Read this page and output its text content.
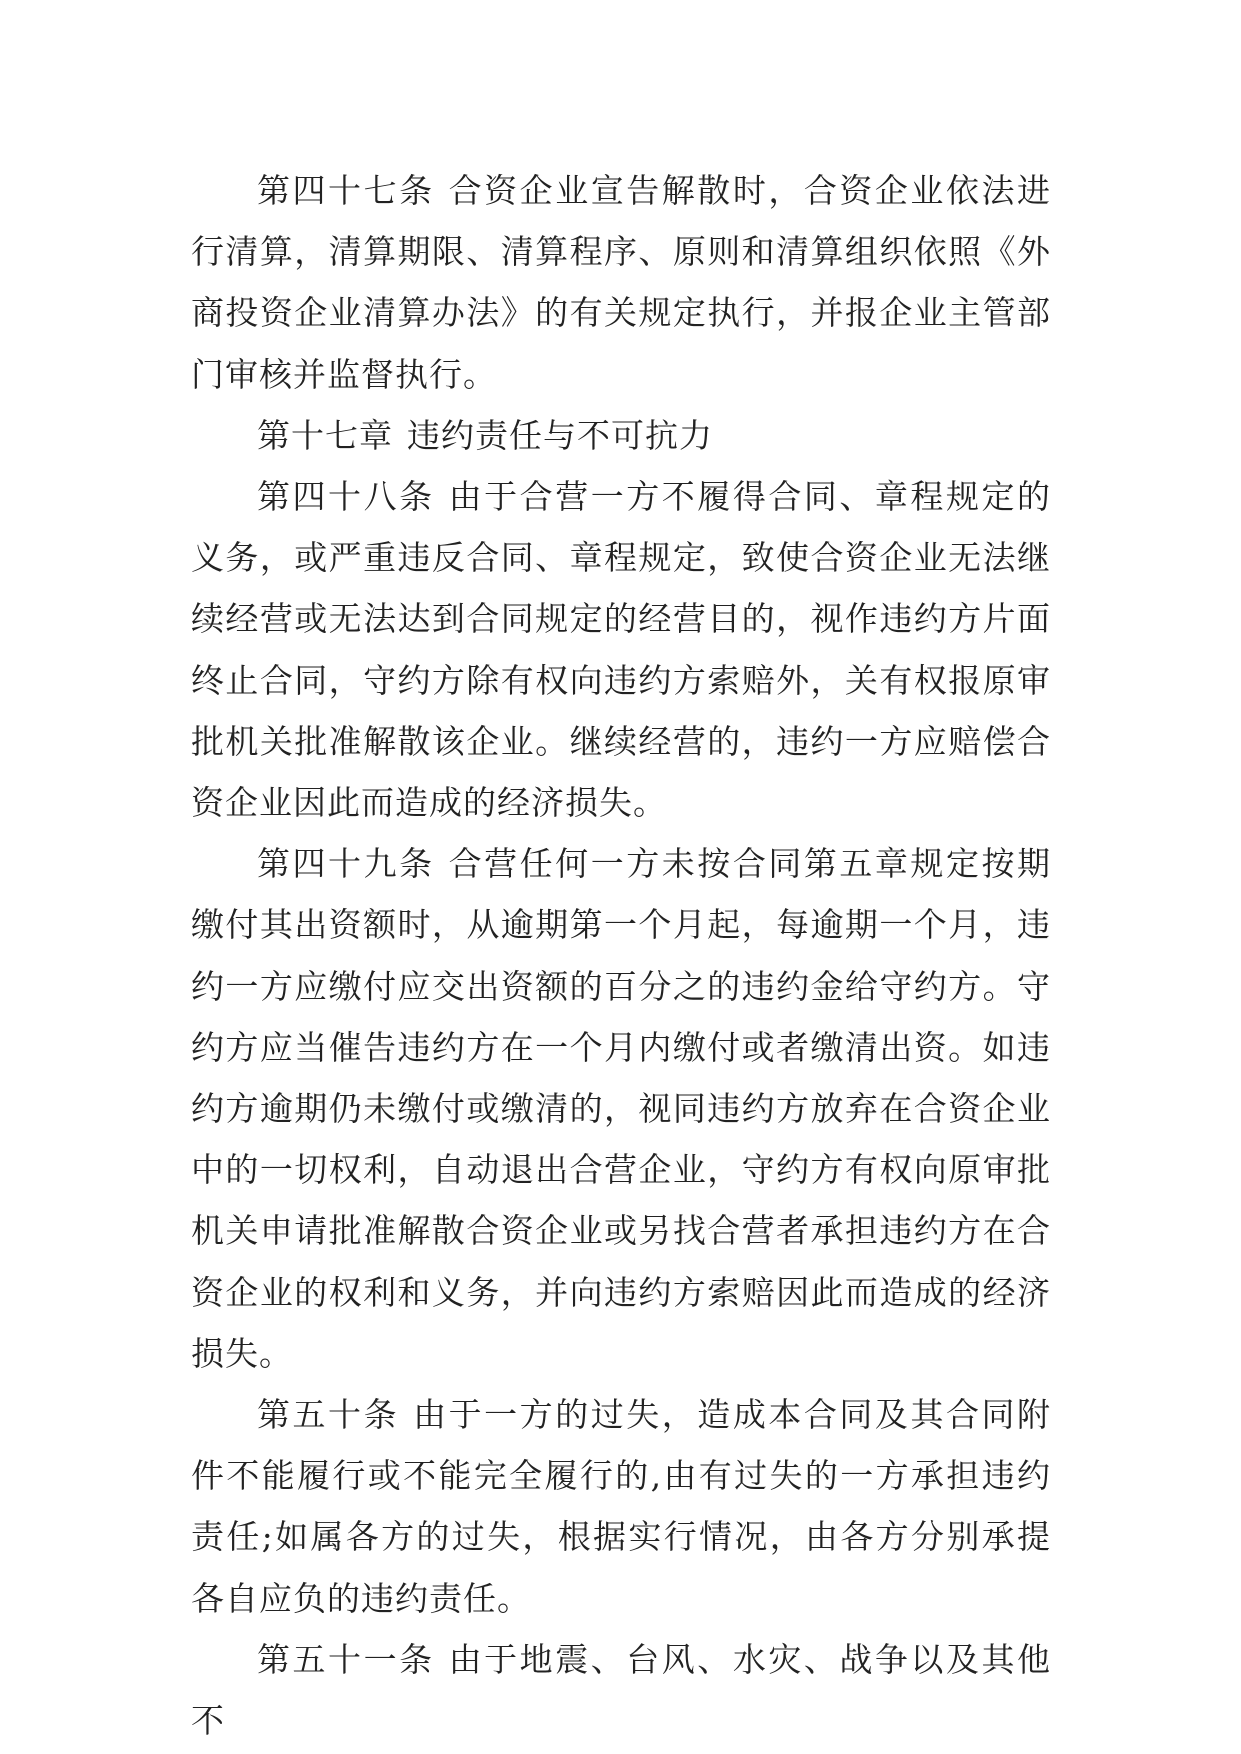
第四十七条 合资企业宣告解散时，合资企业依法进行清算，清算期限、清算程序、原则和清算组织依照《外商投资企业清算办法》的有关规定执行，并报企业主管部门审核并监督执行。

第十七章 违约责任与不可抗力

第四十八条 由于合营一方不履得合同、章程规定的义务，或严重违反合同、章程规定，致使合资企业无法继续经营或无法达到合同规定的经营目的，视作违约方片面终止合同，守约方除有权向违约方索赔外，关有权报原审批机关批准解散该企业。继续经营的，违约一方应赔偿合资企业因此而造成的经济损失。

第四十九条 合营任何一方未按合同第五章规定按期缴付其出资额时，从逾期第一个月起，每逾期一个月，违约一方应缴付应交出资额的百分之的违约金给守约方。守约方应当催告违约方在一个月内缴付或者缴清出资。如违约方逾期仍未缴付或缴清的，视同违约方放弃在合资企业中的一切权利，自动退出合营企业，守约方有权向原审批机关申请批准解散合资企业或另找合营者承担违约方在合资企业的权利和义务，并向违约方索赔因此而造成的经济损失。

第五十条 由于一方的过失，造成本合同及其合同附件不能履行或不能完全履行的,由有过失的一方承担违约责任;如属各方的过失，根据实行情况，由各方分别承提各自应负的违约责任。

第五十一条 由于地震、台风、水灾、战争以及其他不
